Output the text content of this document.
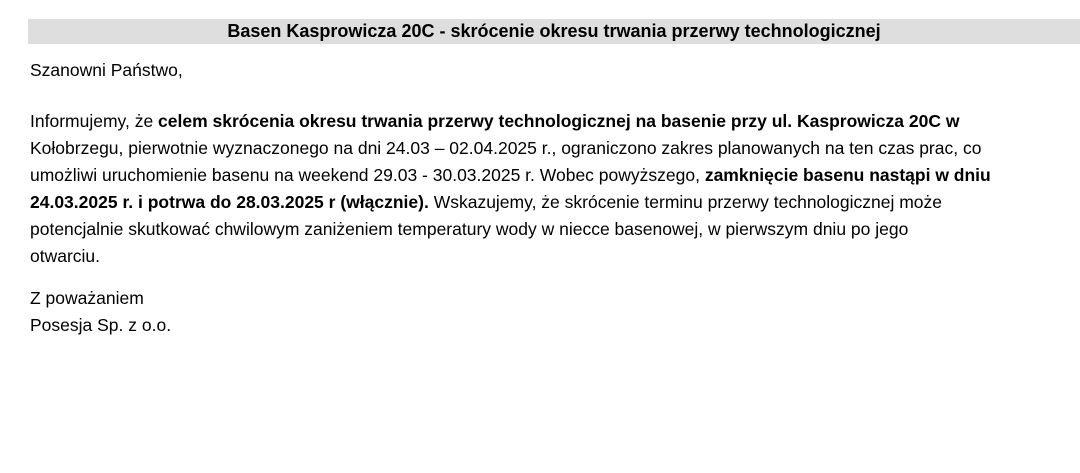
Basen Kasprowicza 20C - skrócenie okresu trwania przerwy technologicznej
Szanowni Państwo,
Informujemy, że celem skrócenia okresu trwania przerwy technologicznej na basenie przy ul. Kasprowicza 20C w
Kołobrzegu, pierwotnie wyznaczonego na dni 24.03 – 02.04.2025 r., ograniczono zakres planowanych na ten czas prac, co
umożliwi uruchomienie basenu na weekend 29.03 - 30.03.2025 r. Wobec powyższego, zamknięcie basenu nastąpi w dniu
24.03.2025 r. i potrwa do 28.03.2025 r (włącznie). Wskazujemy, że skrócenie terminu przerwy technologicznej może
potencjalnie skutkować chwilowym zaniżeniem temperatury wody w niecce basenowej, w pierwszym dniu po jego
otwarciu.
Z poważaniem
Posesja Sp. z o.o.
